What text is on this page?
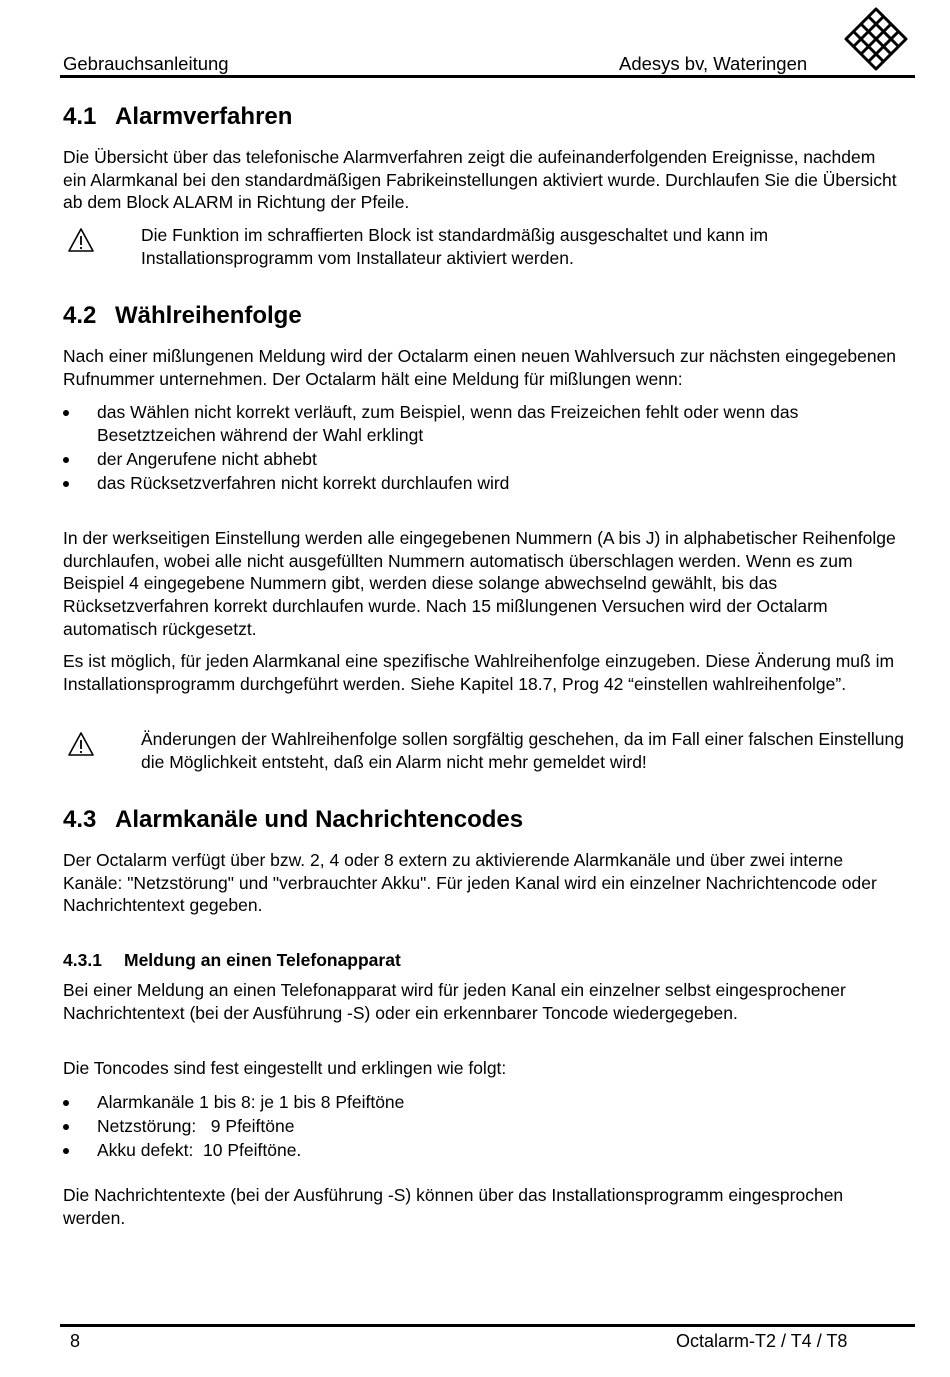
Gebrauchsanleitung	Adesys bv, Wateringen
4.1 Alarmverfahren
Die Übersicht über das telefonische Alarmverfahren zeigt die aufeinanderfolgenden Ereignisse, nachdem ein Alarmkanal bei den standardmäßigen Fabrikeinstellungen aktiviert wurde. Durchlaufen Sie die Übersicht ab dem Block ALARM in Richtung der Pfeile.
Die Funktion im schraffierten Block ist standardmäßig ausgeschaltet und kann im Installationsprogramm vom Installateur aktiviert werden.
4.2 Wählreihenfolge
Nach einer mißlungenen Meldung wird der Octalarm einen neuen Wahlversuch zur nächsten eingegebenen Rufnummer unternehmen. Der Octalarm hält eine Meldung für mißlungen wenn:
das Wählen nicht korrekt verläuft, zum Beispiel, wenn das Freizeichen fehlt oder wenn das Besetztzeichen während der Wahl erklingt
der Angerufene nicht abhebt
das Rücksetzverfahren nicht korrekt durchlaufen wird
In der werkseitigen Einstellung werden alle eingegebenen Nummern (A bis J) in alphabetischer Reihenfolge durchlaufen, wobei alle nicht ausgefüllten Nummern automatisch überschlagen werden. Wenn es zum Beispiel 4 eingegebene Nummern gibt, werden diese solange abwechselnd gewählt, bis das Rücksetzverfahren korrekt durchlaufen wurde. Nach 15 mißlungenen Versuchen wird der Octalarm automatisch rückgesetzt.
Es ist möglich, für jeden Alarmkanal eine spezifische Wahlreihenfolge einzugeben. Diese Änderung muß im Installationsprogramm durchgeführt werden. Siehe Kapitel 18.7, Prog 42 “einstellen wahlreihenfolge”.
Änderungen der Wahlreihenfolge sollen sorgfältig geschehen, da im Fall einer falschen Einstellung die Möglichkeit entsteht, daß ein Alarm nicht mehr gemeldet wird!
4.3 Alarmkanäle und Nachrichtencodes
Der Octalarm verfügt über bzw. 2, 4 oder 8 extern zu aktivierende Alarmkanäle und über zwei interne Kanäle: "Netzstörung" und "verbrauchter Akku". Für jeden Kanal wird ein einzelner Nachrichtencode oder Nachrichtentext gegeben.
4.3.1 Meldung an einen Telefonapparat
Bei einer Meldung an einen Telefonapparat wird für jeden Kanal ein einzelner selbst eingesprochener Nachrichtentext (bei der Ausführung -S) oder ein erkennbarer Toncode wiedergegeben.
Die Toncodes sind fest eingestellt und erklingen wie folgt:
Alarmkanäle 1 bis 8: je 1 bis 8 Pfeiftöne
Netzstörung:   9 Pfeiftöne
Akku defekt:  10 Pfeiftöne.
Die Nachrichtentexte (bei der Ausführung -S) können über das Installationsprogramm eingesprochen werden.
8	Octalarm-T2 / T4 / T8
